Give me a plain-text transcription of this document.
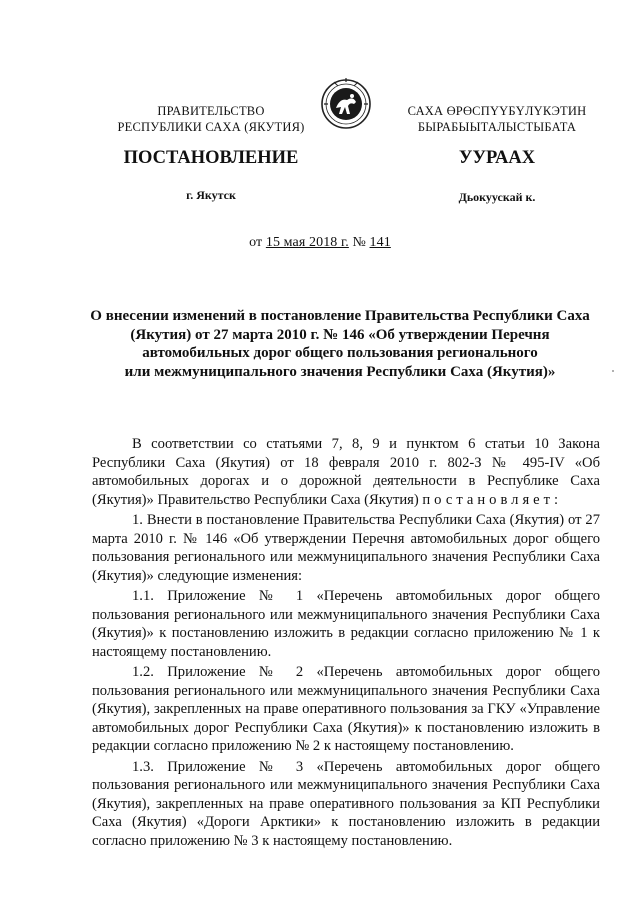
ПРАВИТЕЛЬСТВО
РЕСПУБЛИКИ САХА (ЯКУТИЯ)
САХА ӨРӨСПҮҮБҮЛҮКЭТИН
БЫРАБЫЫТАЛЫСТЫБАТА
ПОСТАНОВЛЕНИЕ	УУРААХ
г. Якутск	Дьокуускай к.
от 15 мая 2018 г. № 141
О внесении изменений в постановление Правительства Республики Саха
(Якутия) от 27 марта 2010 г. № 146 «Об утверждении Перечня
автомобильных дорог общего пользования регионального
или межмуниципального значения Республики Саха (Якутия)»

В соответствии со статьями 7, 8, 9 и пунктом 6 статьи 10 Закона Республики Саха (Якутия) от 18 февраля 2010 г. 802-З № 495-IV «Об автомобильных дорогах и о дорожной деятельности в Республике Саха (Якутия)» Правительство Республики Саха (Якутия) постановляет:

1. Внести в постановление Правительства Республики Саха (Якутия) от 27 марта 2010 г. № 146 «Об утверждении Перечня автомобильных дорог общего пользования регионального или межмуниципального значения Республики Саха (Якутия)» следующие изменения:

1.1. Приложение № 1 «Перечень автомобильных дорог общего пользования регионального или межмуниципального значения Республики Саха (Якутия)» к постановлению изложить в редакции согласно приложению № 1 к настоящему постановлению.

1.2. Приложение № 2 «Перечень автомобильных дорог общего пользования регионального или межмуниципального значения Республики Саха (Якутия), закрепленных на праве оперативного пользования за ГКУ «Управление автомобильных дорог Республики Саха (Якутия)» к постановлению изложить в редакции согласно приложению № 2 к настоящему постановлению.

1.3. Приложение № 3 «Перечень автомобильных дорог общего пользования регионального или межмуниципального значения Республики Саха (Якутия), закрепленных на праве оперативного пользования за КП Республики Саха (Якутия) «Дороги Арктики» к постановлению изложить в редакции согласно приложению № 3 к настоящему постановлению.
